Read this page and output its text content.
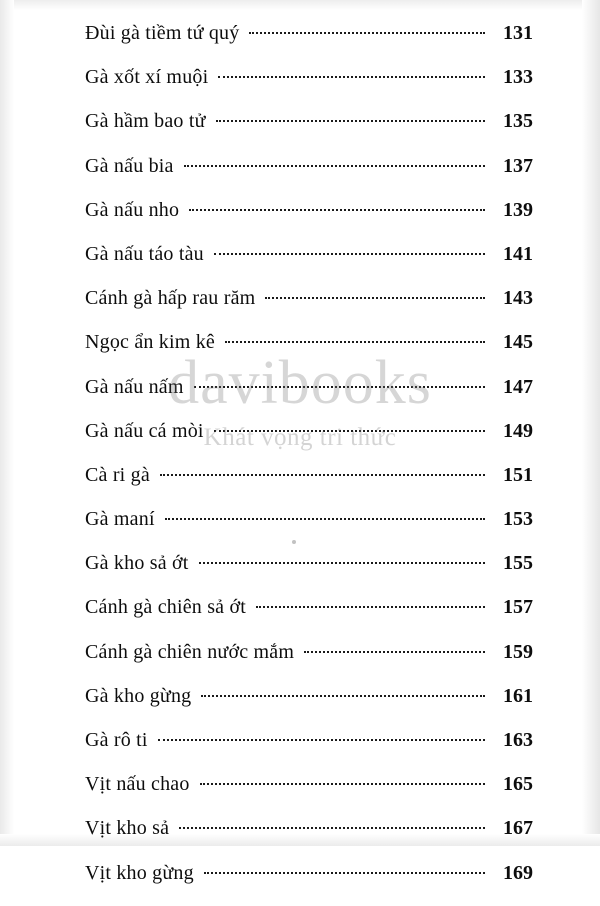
Đùi gà tiềm tứ quý	131
Gà xốt xí muội	133
Gà hầm bao tử	135
Gà nấu bia	137
Gà nấu nho	139
Gà nấu táo tàu	141
Cánh gà hấp rau răm	143
Ngọc ẩn kim kê	145
Gà nấu nấm	147
Gà nấu cá mòi	149
Cà ri gà	151
Gà maní	153
Gà kho sả ớt	155
Cánh gà chiên sả ớt	157
Cánh gà chiên nước mắm	159
Gà kho gừng	161
Gà rô ti	163
Vịt nấu chao	165
Vịt kho sả	167
Vịt kho gừng	169
davibooks
Khát vọng tri thức
